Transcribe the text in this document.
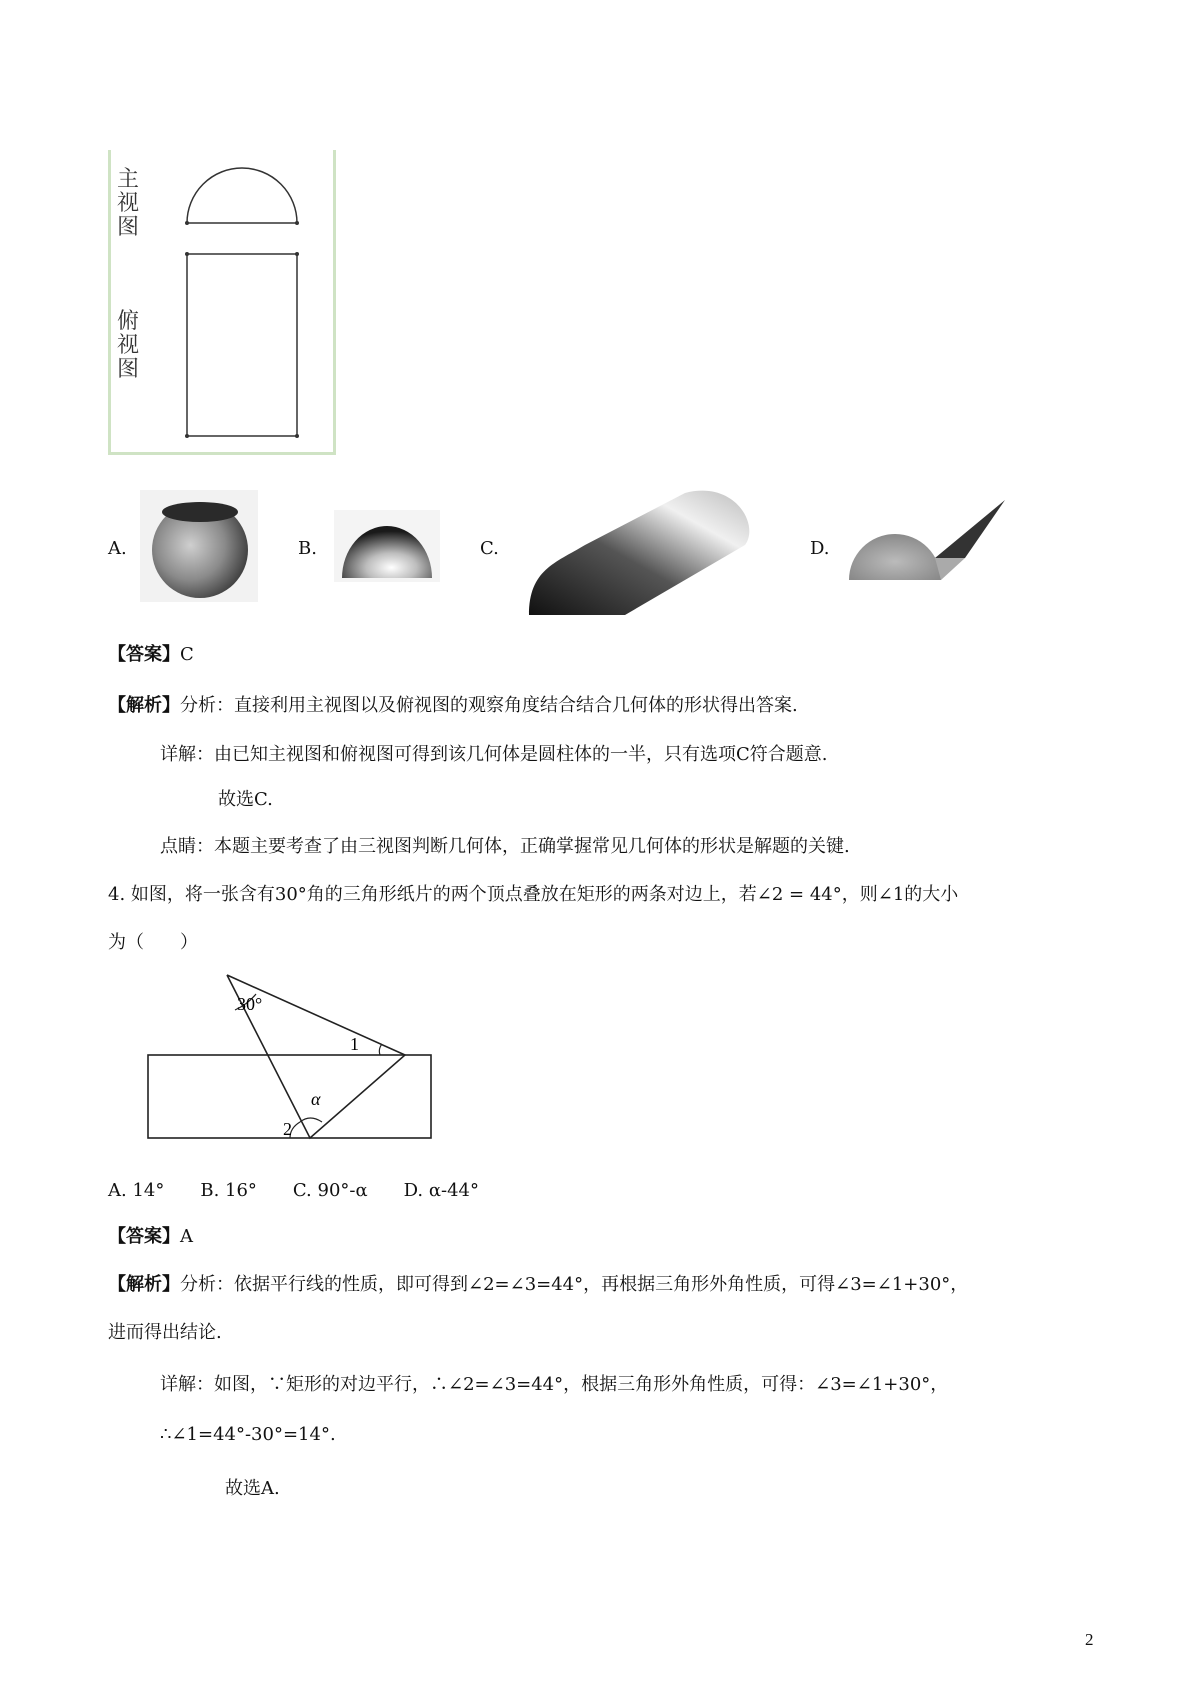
主
视
图
俯
视
图
A.	B.	C.	D.
【答案】C
【解析】分析：直接利用主视图以及俯视图的观察角度结合结合几何体的形状得出答案.
详解：由已知主视图和俯视图可得到该几何体是圆柱体的一半，只有选项C符合题意.
故选C.
点睛：本题主要考查了由三视图判断几何体，正确掌握常见几何体的形状是解题的关键.
4. 如图，将一张含有30°角的三角形纸片的两个顶点叠放在矩形的两条对边上，若∠2 = 44°，则∠1的大小
为（　　）
30°
1
α
2
A. 14°　　B. 16°　　C. 90°-α　　D. α-44°
【答案】A
【解析】分析：依据平行线的性质，即可得到∠2=∠3=44°，再根据三角形外角性质，可得∠3=∠1+30°，
进而得出结论.
详解：如图，∵矩形的对边平行，∴∠2=∠3=44°，根据三角形外角性质，可得：∠3=∠1+30°，
∴∠1=44°-30°=14°.
故选A.
2
